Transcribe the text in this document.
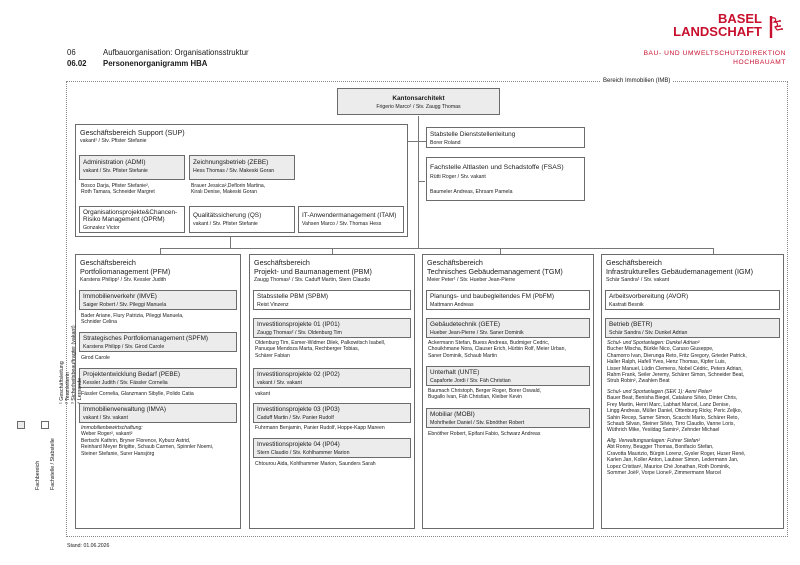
06	Aufbauorganisation: Organisationsstruktur
06.02 Personenorganigramm HBA
BASEL
LANDSCHAFT
BAU- UND UMWELTSCHUTZDIREKTION
HOCHBAUAMT
Bereich Immobilien (IMB)
Kantonsarchitekt
Frigerio Marco¹ / Stv. Zaugg Thomas
Geschäftsbereich Support (SUP)
vakant¹ / Stv. Pfister Stefanie
Administration (ADMI)
vakant / Stv. Pfister Stefanie
Bosco Darja, Pfister Stefanie²,
Roth Tamara, Schneider Margret
Zeichnungsbetrieb (ZEBE)
Hess Thomas / Stv. Makeski Goran
Brauer Jessica²,Deflorin Martina,
Kiralı Denise, Makeski Goran
Organisationsprojekte&Chancen-
Risiko Management (OPRM)
Gonzalez Victor
Qualitätssicherung (QS)
vakant / Stv. Pfister Stefanie
IT-Anwendermanagement (ITAM)
Vahsen Marco / Stv. Thomas Hess
Stabstelle Dienststellenleitung
Borer Roland
Fachstelle Altlasten und Schadstoffe (FSAS)
Rütti Roger / Stv. vakant
Baumeler Andreas, Ehrsam Pamela
Geschäftsbereich
Portfoliomanagement (PFM)
Karstens Philipp¹ / Stv. Kessler Judith
Immobilienverkehr (IMVE)
Saiger Robert / Stv. Pileggi Manuela
Bader Ariane, Flury Patrizia, Pileggi Manuela,
Schnider Celina
Strategisches Portfoliomanagement (SPFM)
Karstens Philipp / Stv. Girod Carole
Girod Carole
Projektentwicklung Bedarf (PEBE)
Kessler Judith / Stv. Fässler Cornelia
Fässler Cornelia, Glanzmann Sibylle, Polido Catia
Immobilienverwaltung (IMVA)
vakant / Stv. vakant
Immobilienbewirtschaftung:
Weber Roger², vakant²
Bertschi Kathrin, Bryner Florence, Kyburz Astrid,
Reinhard Meyer Brigitte, Schaub Carmen, Spinnler Noemi,
Steiner Stefanie, Surer Hansjörg
Geschäftsbereich
Projekt- und Baumanagement (PBM)
Zaugg Thomas¹ / Stv. Caduff Martin, Stern Claudio
Stabsstelle PBM (SPBM)
Reist Vinzenz
Investitionsprojekte 01 (IP01)
Zaugg Thomas² / Stv. Oldenburg Tim
Oldenburg Tim, Esmer-Widmer Dilek, Palkowitsch Isabell,
Panuque Mendoza Marta, Rechberger Tobias,
Schärer Fabian
Investitionsprojekte 02 (IP02)
vakant / Stv. vakant
vakant
Investitionsprojekte 03 (IP03)
Caduff Martin / Stv. Panier Rudolf
Fuhrmann Benjamin, Panier Rudolf, Hoppe-Kapp Mareen
Investitionsprojekte 04 (IP04)
Stern Claudio / Stv. Kohlhammer Marion
Chtourou Aida, Kohlhammer Marion, Saunders Sarah
Geschäftsbereich
Technisches Gebäudemanagement (TGM)
Meier Peter¹ / Stv. Hueber Jean-Pierre
Planungs- und baubegleitendes FM (PbFM)
Mattmann Andreas
Gebäudetechnik (GETE)
Hueber Jean-Pierre / Stv. Saner Dominik
Ackermann Stefan, Buess Andreas, Budmiger Cedric,
Chouikhmane Nora, Clauser Erich, Hürbin Rolf, Meier Urban,
Saner Dominik, Schaub Martin
Unterhalt (UNTE)
Capaforte Jordi / Stv. Fäh Christian
Baumach Christoph, Berger Roger, Borer Oswald,
Bugallo Ivan, Fäh Christian, Kleiber Kevin
Mobiliar (MOBI)
Mohrlheiler Daniel / Stv. Ebnöther Robert
Ebnöther Robert, Epifani Fabio, Schwarz Andreas
Geschäftsbereich
Infrastrukturelles Gebäudemanagement (IGM)
Schär Sandra¹ / Stv. vakant
Arbeitsvorbereitung (AVOR)
Kastrati Besnik
Betrieb (BETR)
Schär Sandra / Stv. Dunkel Adrian
Schul- und Sportanlagen: Dunkel Adrian²
Bucher Mischa, Bürkle Nico, Caruso Giuseppe,
Chamorro Ivan, Dierunga Reto, Fritz Gregory, Grieder Patrick,
Haller Ralph, Hafell Yves, Henz Thomas, Kipfer Luis,
Lisser Manuel, Lüdin Clemens, Nobel Cédric, Peters Adrian,
Rahm Frank, Seiler Jeremy, Schärer Simon, Schneider Beat,
Strub Robin², Zwahlen Beat
Schul- und Sportanlagen (SEK 1): Aemi Peter²
Bauer Beat, Benisha Biegel, Catalano Silvio, Dinter Chris,
Frey Martin, Henri Marc, Labhart Marcel, Lanz Denise,
Lingg Andreas, Müller Daniel, Ottenburg Ricky, Peric Zeljko,
Sahin Recep, Samer Simon, Scacchi Mario, Schärer Reto,
Schaub Silvan, Steiner Silvio, Tirro Claudio, Vanne Loris,
Wüthrich Mike, Yesildag Samin², Zehnder Michael
Allg. Verwaltungsanlagen: Fuhrer Stefan²
Abt Ronny, Beugger Thomas, Bonifacio Stefan,
Cravotta Maurizio, Bürgin Lorenz, Gysler Roger, Huser René,
Karlen Jan, Koller Anton, Laubser Simon, Ledermann Jan,
Lopez Cristian², Maurice Ché Jonathan, Roth Dominik,
Sommer Joël², Vorpe Lionel², Zimmermann Marcel
Fachbereich Fachstelle / Stabstelle
¹ Geschäftsleitung ² Teamleiterin ³ Sicherheitsbeauftragter (vakant) ⁴ Lernende
Stand: 01.06.2026
